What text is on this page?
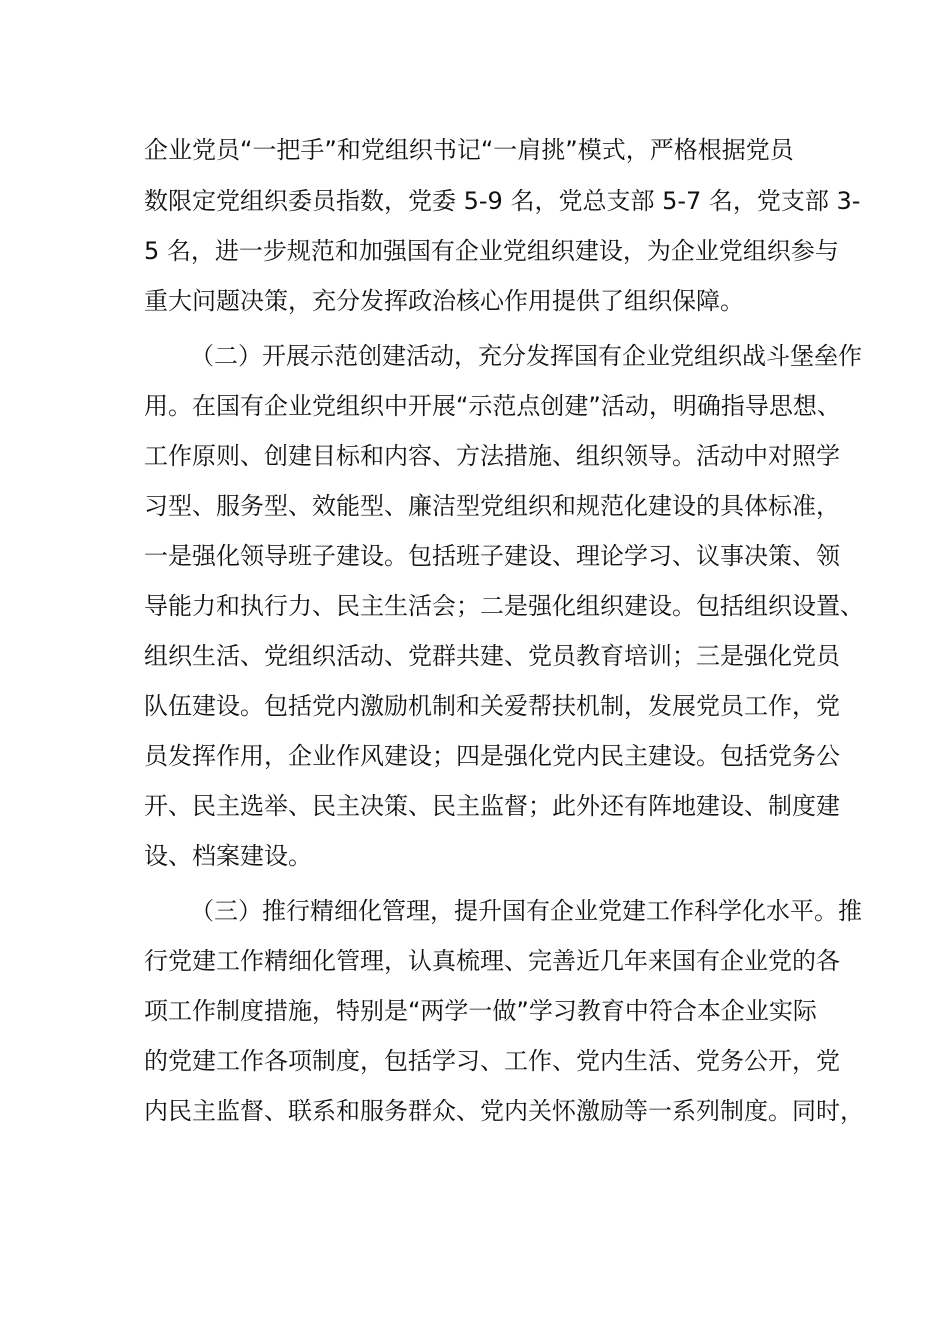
企业党员“一把手”和党组织书记“一肩挑”模式，严格根据党员
数限定党组织委员指数，党委 5-9 名，党总支部 5-7 名，党支部 3-
5 名，进一步规范和加强国有企业党组织建设，为企业党组织参与
重大问题决策，充分发挥政治核心作用提供了组织保障。
（二）开展示范创建活动，充分发挥国有企业党组织战斗堡垒作
用。在国有企业党组织中开展“示范点创建”活动，明确指导思想、
工作原则、创建目标和内容、方法措施、组织领导。活动中对照学
习型、服务型、效能型、廉洁型党组织和规范化建设的具体标准，
一是强化领导班子建设。包括班子建设、理论学习、议事决策、领
导能力和执行力、民主生活会；二是强化组织建设。包括组织设置、
组织生活、党组织活动、党群共建、党员教育培训；三是强化党员
队伍建设。包括党内激励机制和关爱帮扶机制，发展党员工作，党
员发挥作用，企业作风建设；四是强化党内民主建设。包括党务公
开、民主选举、民主决策、民主监督；此外还有阵地建设、制度建
设、档案建设。
（三）推行精细化管理，提升国有企业党建工作科学化水平。推
行党建工作精细化管理，认真梳理、完善近几年来国有企业党的各
项工作制度措施，特别是“两学一做”学习教育中符合本企业实际
的党建工作各项制度，包括学习、工作、党内生活、党务公开，党
内民主监督、联系和服务群众、党内关怀激励等一系列制度。同时，
